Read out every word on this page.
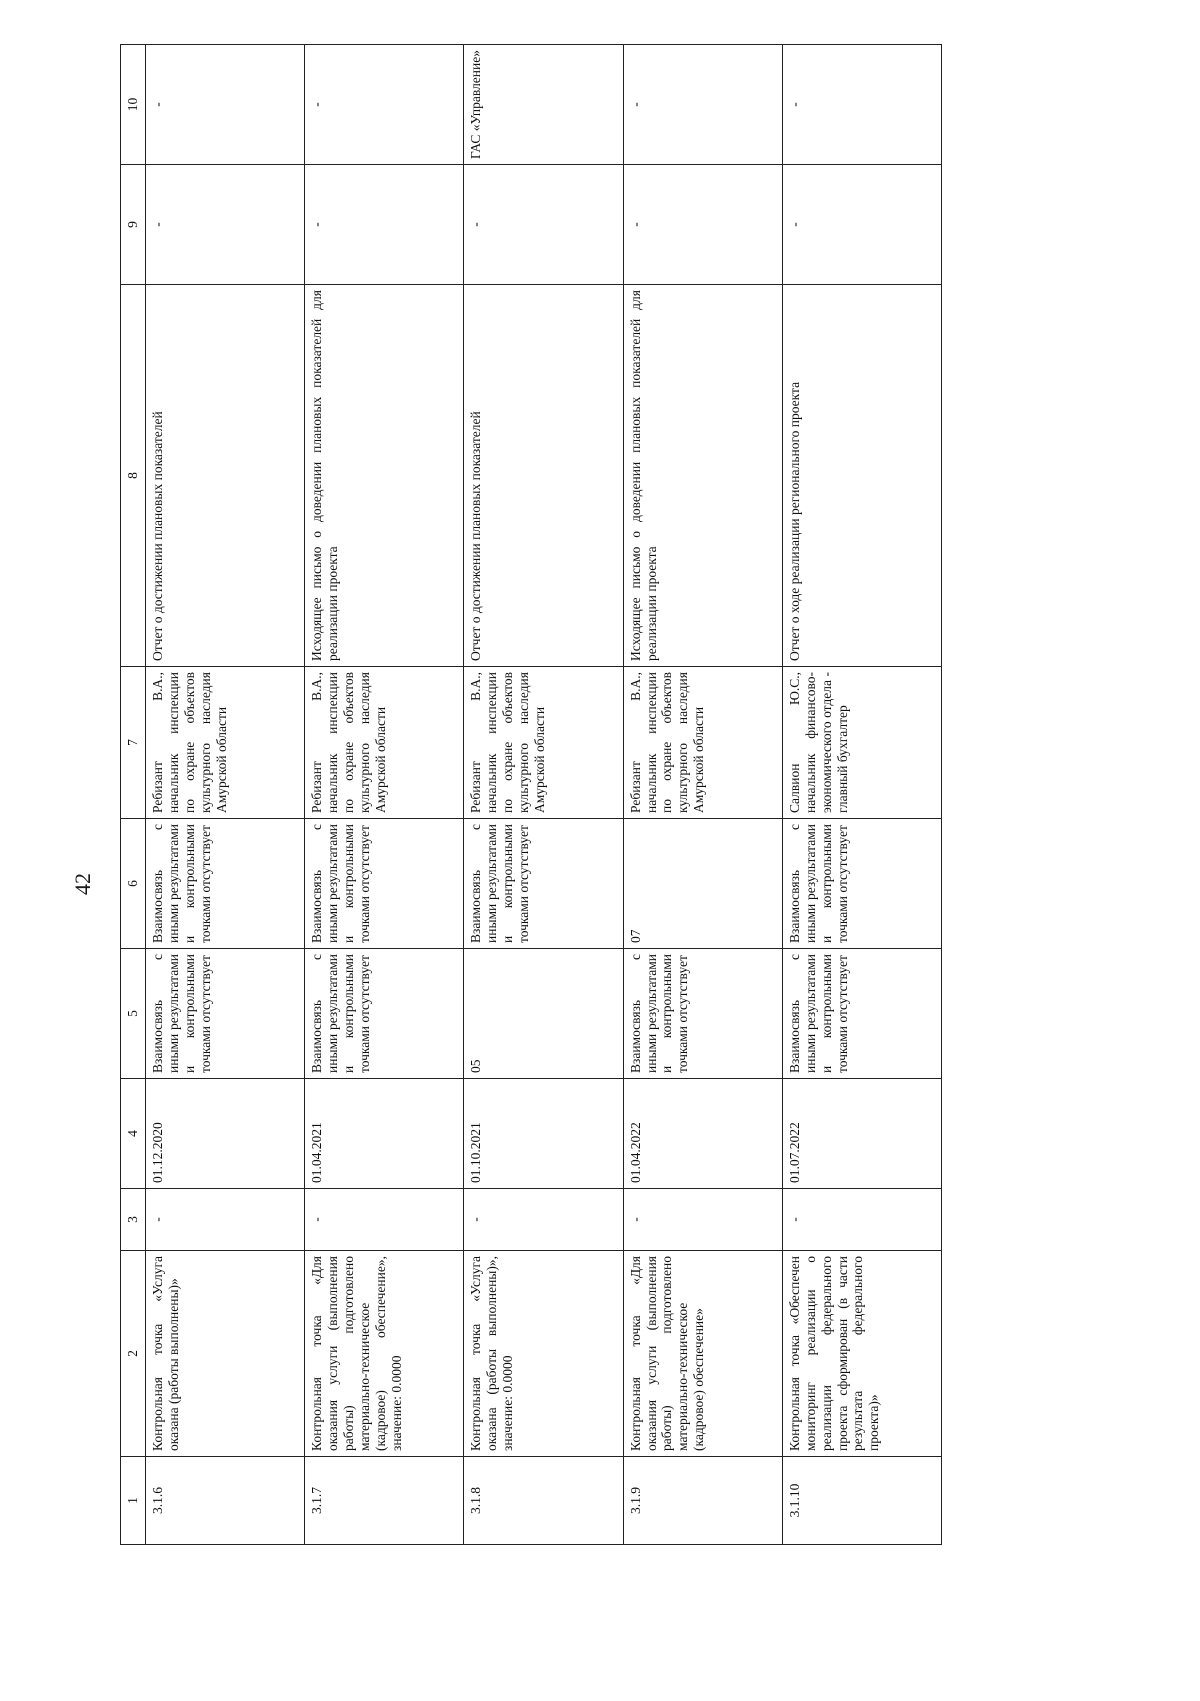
42
1	2	3	4	5	6	7	8	9	10
3.1.6	Контрольная точка «Услуга оказана (работы выполнены)»	-	01.12.2020	Взаимосвязь с иными результатами и контрольными точками отсутствует	Взаимосвязь с иными результатами и контрольными точками отсутствует	Ребизант В.А., начальник инспекции по охране объектов культурного наследия Амурской области	Отчет о достижении плановых показателей	-	-
3.1.7	Контрольная точка «Для оказания услуги (выполнения работы) подготовлено материально-техническое (кадровое) обеспечение», значение: 0.0000	-	01.04.2021	Взаимосвязь с иными результатами и контрольными точками отсутствует	Взаимосвязь с иными результатами и контрольными точками отсутствует	Ребизант В.А., начальник инспекции по охране объектов культурного наследия Амурской области	Исходящее письмо о доведении плановых показателей для реализации проекта	-	-
3.1.8	Контрольная точка «Услуга оказана (работы выполнены)», значение: 0.0000	-	01.10.2021	05	Взаимосвязь с иными результатами и контрольными точками отсутствует	Ребизант В.А., начальник инспекции по охране объектов культурного наследия Амурской области	Отчет о достижении плановых показателей	-	ГАС «Управление»
3.1.9	Контрольная точка «Для оказания услуги (выполнения работы) подготовлено материально-техническое (кадровое) обеспечение»	-	01.04.2022	Взаимосвязь с иными результатами и контрольными точками отсутствует	07	Ребизант В.А., начальник инспекции по охране объектов культурного наследия Амурской области	Исходящее письмо о доведении плановых показателей для реализации проекта	-	-
3.1.10	Контрольная точка «Обеспечен мониторинг реализации о реализации федерального проекта сформирован (в части результата федерального проекта)»	-	01.07.2022	Взаимосвязь с иными результатами и контрольными точками отсутствует	Взаимосвязь с иными результатами и контрольными точками отсутствует	Салвион Ю.С., начальник финансово-экономического отдела - главный бухгалтер	Отчет о ходе реализации регионального проекта	-	-
